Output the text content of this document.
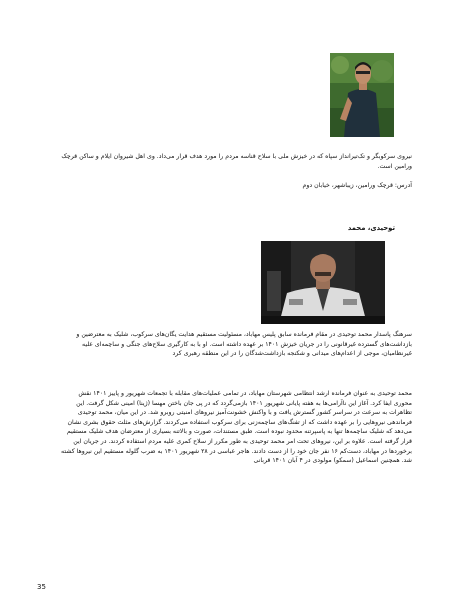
نیروی سرکوبگر و تک‌تیرانداز سپاه که در خیزش ملی با سلاح قناسه مردم را مورد هدف قرار می‌داد. وی اهل شیروان ایلام و ساکن قرچک ورامین است.

آدرس: قرچک ورامین، زیباشهر، خیابان دوم

توحیدی، محمد

سرهنگ پاسدار محمد توحیدی در مقام فرمانده سابق پلیس مهاباد، مسئولیت مستقیم هدایت یگان‌های سرکوب، شلیک به معترضین و بازداشت‌های گسترده غیرقانونی را در جریان خیزش ۱۴۰۱ بر عهده داشته است. او با به کارگیری سلاح‌های جنگی و ساچمه‌ای علیه غیرنظامیان، موجی از اعدام‌های میدانی و شکنجه بازداشت‌شدگان را در این منطقه رهبری کرد

محمد توحیدی به عنوان فرمانده ارشد انتظامی شهرستان مهاباد، در تمامی عملیات‌های مقابله با تجمعات شهریور و پاییز ۱۴۰۱ نقش محوری ایفا کرد. آغاز این ناآرامی‌ها به هفته پایانی شهریور ۱۴۰۱ بازمی‌گردد که در پی جان باختن مهسا (ژینا) امینی شکل گرفت. این تظاهرات به سرعت در سراسر کشور گسترش یافت و با واکنش خشونت‌آمیز نیروهای امنیتی روبرو شد. در این میان، محمد توحیدی فرماندهی نیروهایی را بر عهده داشت که از تفنگ‌های ساچمه‌زنی برای سرکوب استفاده می‌کردند. گزارش‌های مثلث حقوق بشری نشان می‌دهد که شلیک ساچمه‌ها تنها به پاسپرتنه محدود نبوده است. طبق مستندات، صورت و بالاتنه بسیاری از معترضان هدف شلیک مستقیم قرار گرفته است. علاوه بر این، نیروهای تحت امر محمد توحیدی به طور مکرر از سلاح کمری علیه مردم استفاده کردند. در جریان این برخوردها در مهاباد، دست‌کم ۱۶ نفر جان خود را از دست دادند. هاجر عباسی در ۲۸ شهریور ۱۴۰۱ به ضرب گلوله مستقیم این نیروها کشته شد. همچنین اسماعیل (سمکو) مولودی در ۴ آبان ۱۴۰۱ قربانی

35
